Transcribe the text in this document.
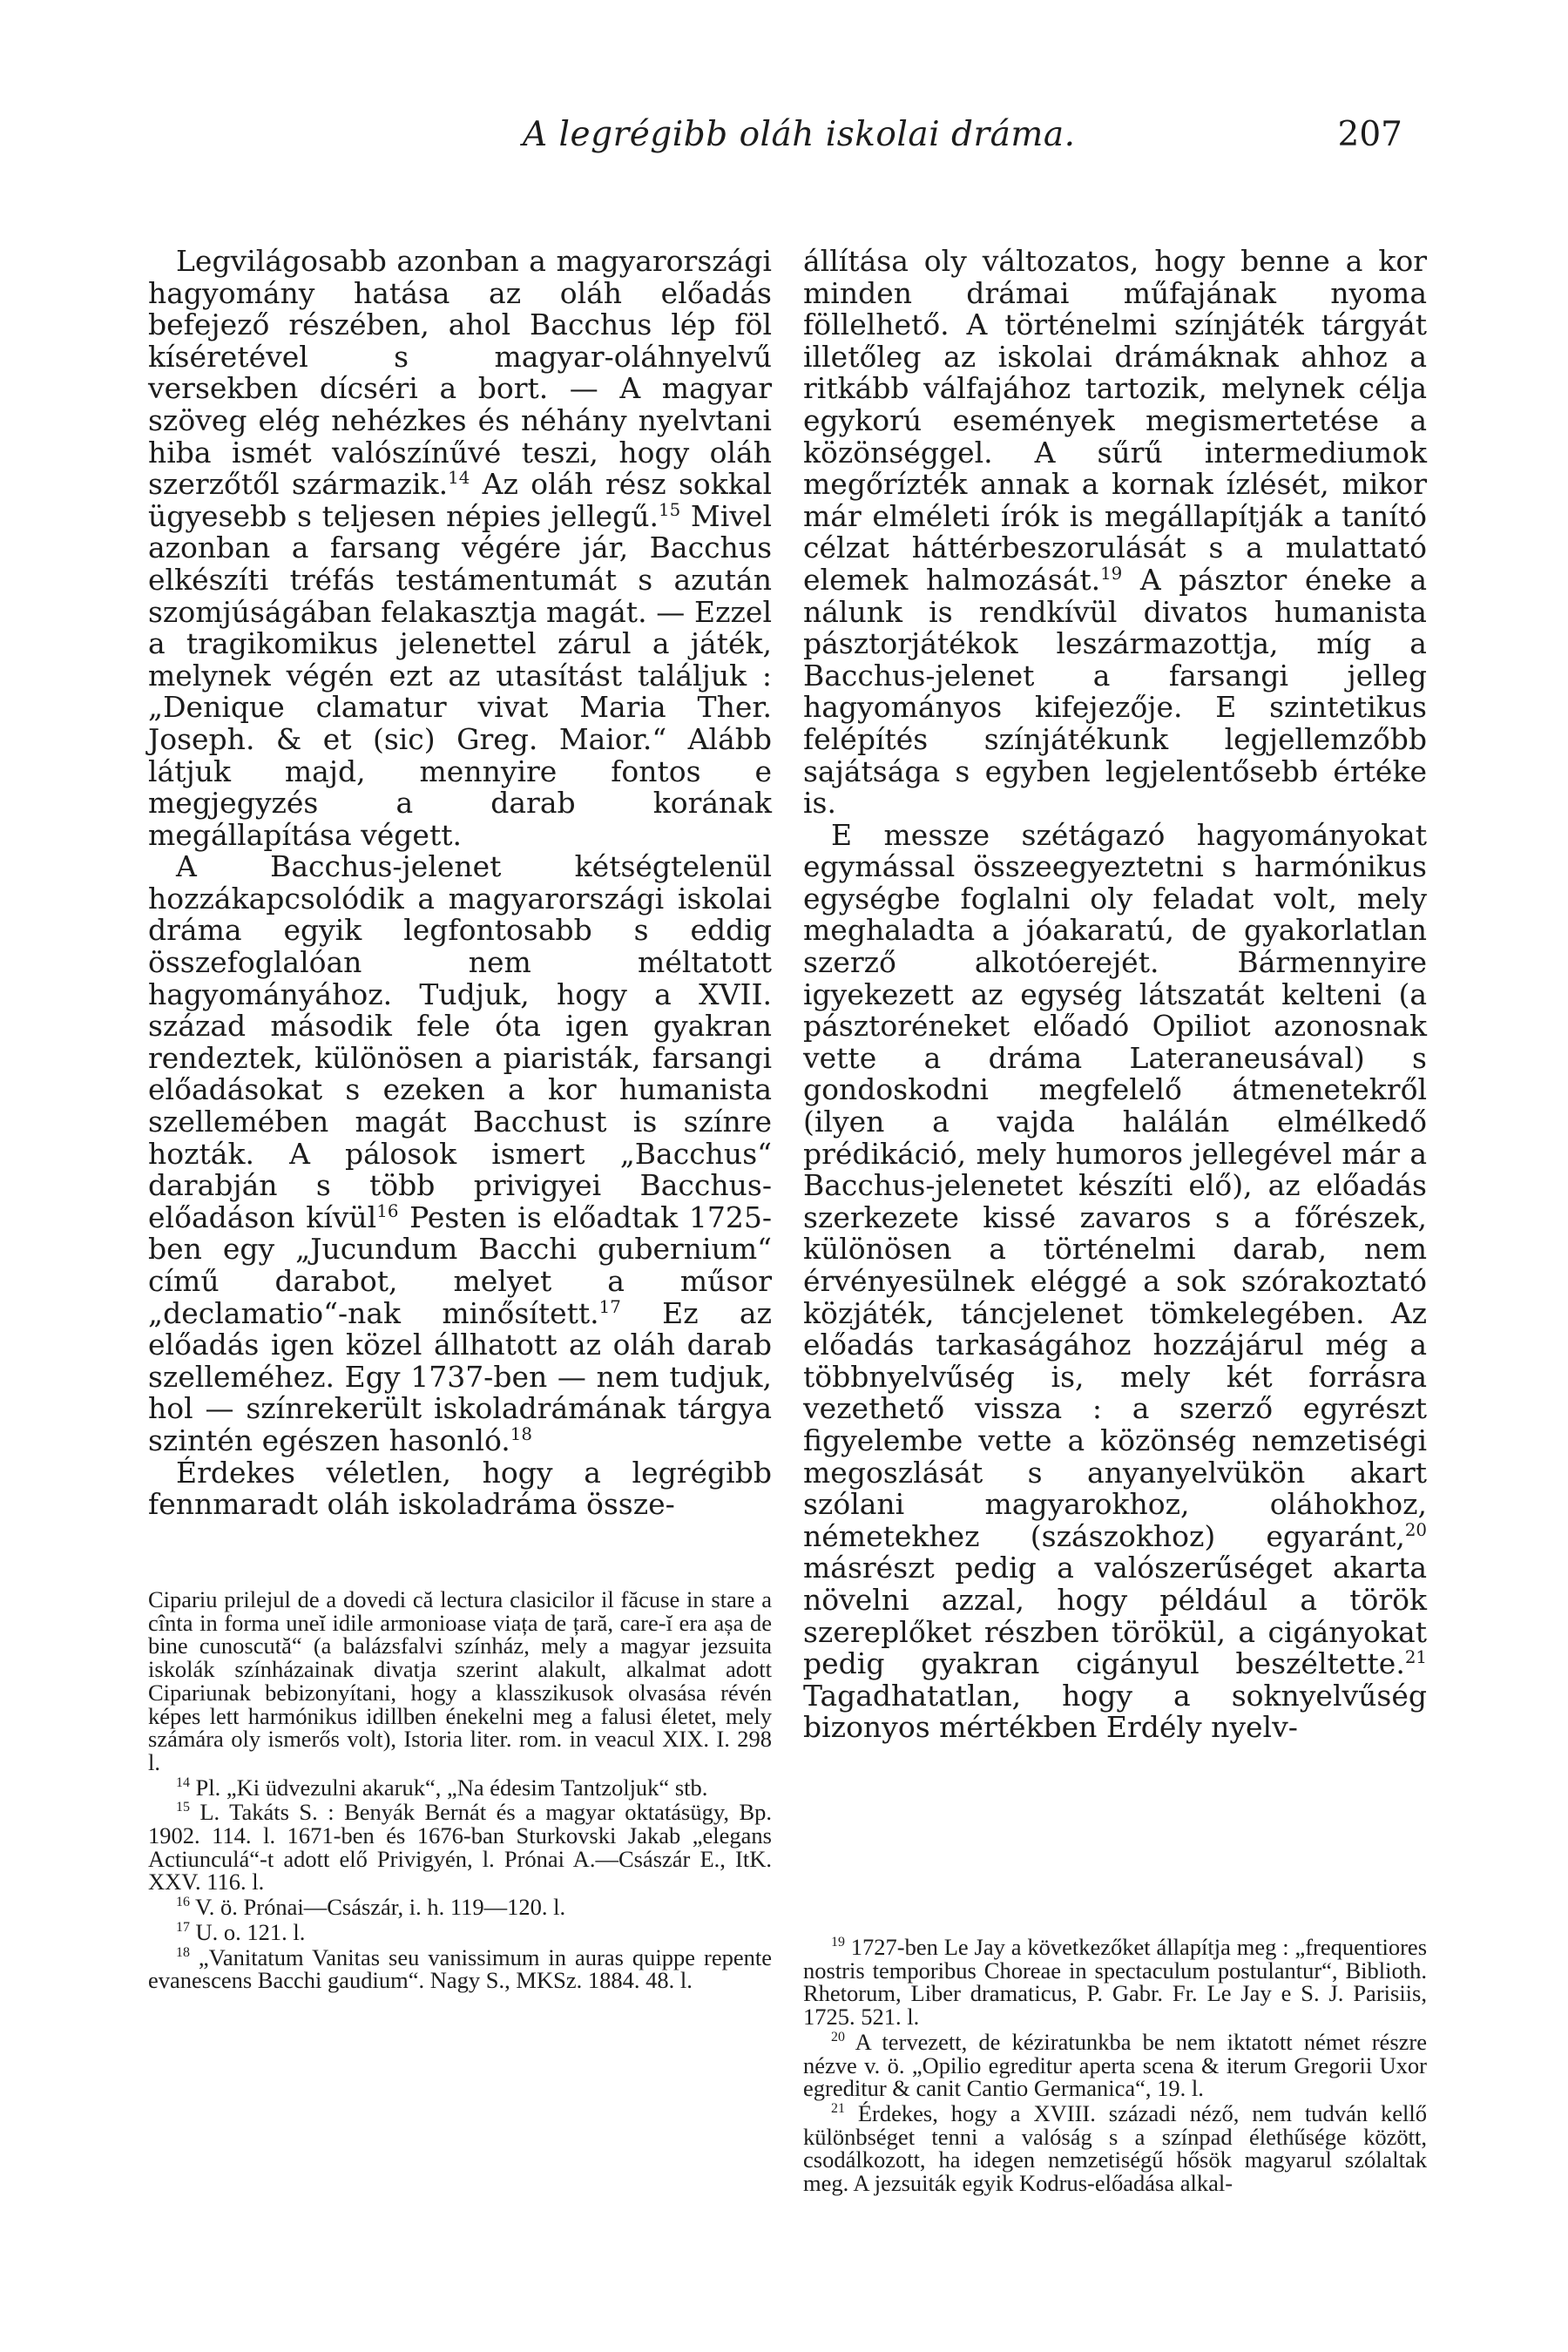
A legrégibb oláh iskolai dráma.	207

Legvilágosabb azonban a magyarországi hagyomány hatása az oláh előadás befejező részében, ahol Bacchus lép föl kíséretével s magyar-oláhnyelvű versekben dícséri a bort. — A magyar szöveg elég nehézkes és néhány nyelvtani hiba ismét valószínűvé teszi, hogy oláh szerzőtől származik.$^{14}$ Az oláh rész sokkal ügyesebb s teljesen népies jellegű.$^{15}$ Mivel azonban a farsang végére jár, Bacchus elkészíti tréfás testámentumát s azután szomjúságában felakasztja magát. — Ezzel a tragikomikus jelenettel zárul a játék, melynek végén ezt az utasítást találjuk : „Denique clamatur vivat Maria Ther. Joseph. & et (sic) Greg. Maior.“ Alább látjuk majd, mennyire fontos e megjegyzés a darab korának megállapítása végett.

A Bacchus-jelenet kétségtelenül hozzákapcsolódik a magyarországi iskolai dráma egyik legfontosabb s eddig összefoglalóan nem méltatott hagyományához. Tudjuk, hogy a XVII. század második fele óta igen gyakran rendeztek, különösen a piaristák, farsangi előadásokat s ezeken a kor humanista szellemében magát Bacchust is színre hozták. A pálosok ismert „Bacchus“ darabján s több privigyei Bacchus-előadáson kívül$^{16}$ Pesten is előadtak 1725-ben egy „Jucundum Bacchi gubernium“ című darabot, melyet a műsor „declamatio“-nak minősített.$^{17}$ Ez az előadás igen közel állhatott az oláh darab szelleméhez. Egy 1737-ben — nem tudjuk, hol — színrekerült iskoladrámának tárgya szintén egészen hasonló.$^{18}$

Érdekes véletlen, hogy a legrégibb fennmaradt oláh iskoladráma össze-

állítása oly változatos, hogy benne a kor minden drámai műfajának nyoma föllelhető. A történelmi színjáték tárgyát illetőleg az iskolai drámáknak ahhoz a ritkább válfajához tartozik, melynek célja egykorú események megismertetése a közönséggel. A sűrű intermediumok megőrízték annak a kornak ízlését, mikor már elméleti írók is megállapítják a tanító célzat háttérbeszorulását s a mulattató elemek halmozását.$^{19}$ A pásztor éneke a nálunk is rendkívül divatos humanista pásztorjátékok leszármazottja, míg a Bacchus-jelenet a farsangi jelleg hagyományos kifejezője. E szintetikus felépítés színjátékunk legjellemzőbb sajátsága s egyben legjelentősebb értéke is.

E messze szétágazó hagyományokat egymással összeegyeztetni s harmónikus egységbe foglalni oly feladat volt, mely meghaladta a jóakaratú, de gyakorlatlan szerző alkotóerejét. Bármennyire igyekezett az egység látszatát kelteni (a pásztoréneket előadó Opiliot azonosnak vette a dráma Lateraneusával) s gondoskodni megfelelő átmenetekről (ilyen a vajda halálán elmélkedő prédikáció, mely humoros jellegével már a Bacchus-jelenetet készíti elő), az előadás szerkezete kissé zavaros s a főrészek, különösen a történelmi darab, nem érvényesülnek eléggé a sok szórakoztató közjáték, táncjelenet tömkelegében. Az előadás tarkaságához hozzájárul még a többnyelvűség is, mely két forrásra vezethető vissza : a szerző egyrészt figyelembe vette a közönség nemzetiségi megoszlását s anyanyelvükön akart szólani magyarokhoz, oláhokhoz, németekhez (szászokhoz) egyaránt,$^{20}$ másrészt pedig a valószerűséget akarta növelni azzal, hogy például a török szereplőket részben törökül, a cigányokat pedig gyakran cigányul beszéltette.$^{21}$ Tagadhatatlan, hogy a soknyelvűség bizonyos mértékben Erdély nyelv-

Cipariu prilejul de a dovedi că lectura clasicilor il făcuse in stare a cînta in forma uneĭ idile armonioase viața de țară, care-ĭ era așa de bine cunoscută“ (a balázsfalvi színház, mely a magyar jezsuita iskolák színházainak divatja szerint alakult, alkalmat adott Cipariunak bebizonyítani, hogy a klasszikusok olvasása révén képes lett harmónikus idillben énekelni meg a falusi életet, mely számára oly ismerős volt), Istoria liter. rom. in veacul XIX. I. 298 l.

$^{14}$ Pl. „Ki üdvezulni akaruk“, „Na édesim Tantzoljuk“ stb.

$^{15}$ L. Takáts S. : Benyák Bernát és a magyar oktatásügy, Bp. 1902. 114. l. 1671-ben és 1676-ban Sturkovski Jakab „elegans Actiunculá“-t adott elő Privigyén, l. Prónai A.—Császár E., ItK. XXV. 116. l.

$^{16}$ V. ö. Prónai—Császár, i. h. 119—120. l.

$^{17}$ U. o. 121. l.

$^{18}$ „Vanitatum Vanitas seu vanissimum in auras quippe repente evanescens Bacchi gaudium“. Nagy S., MKSz. 1884. 48. l.

$^{19}$ 1727-ben Le Jay a következőket állapítja meg : „frequentiores nostris temporibus Choreae in spectaculum postulantur“, Biblioth. Rhetorum, Liber dramaticus, P. Gabr. Fr. Le Jay e S. J. Parisiis, 1725. 521. l.

$^{20}$ A tervezett, de kéziratunkba be nem iktatott német részre nézve v. ö. „Opilio egreditur aperta scena & iterum Gregorii Uxor egreditur & canit Cantio Germanica“, 19. l.

$^{21}$ Érdekes, hogy a XVIII. századi néző, nem tudván kellő különbséget tenni a valóság s a színpad élethűsége között, csodálkozott, ha idegen nemzetiségű hősök magyarul szólaltak meg. A jezsuiták egyik Kodrus-előadása alkal-
